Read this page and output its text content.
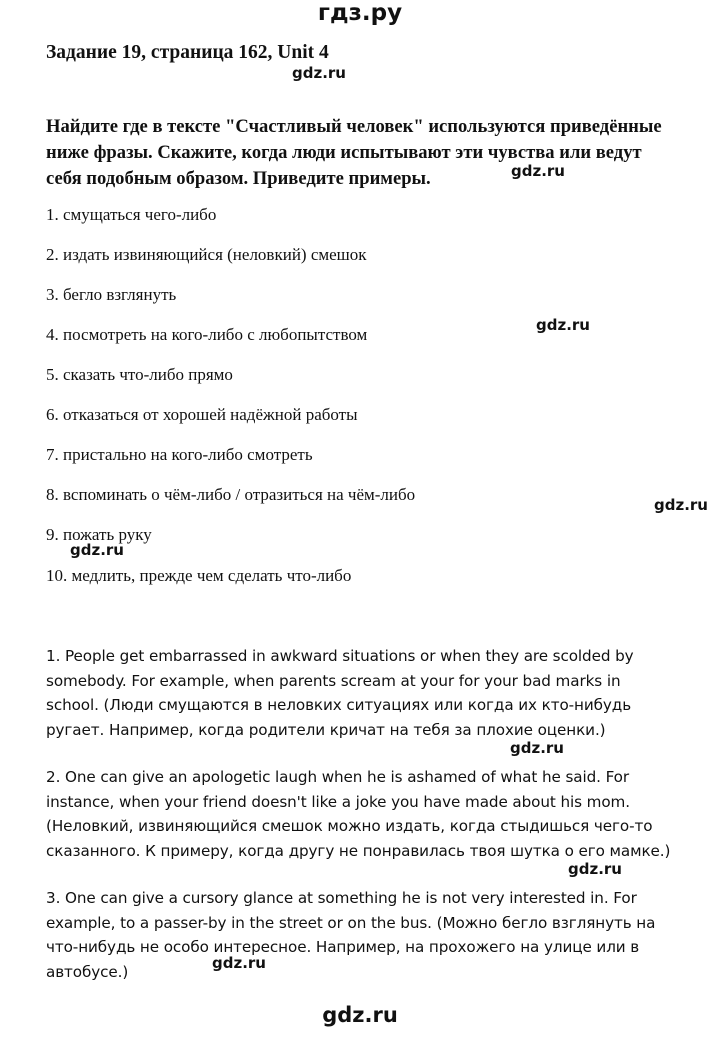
гдз.ру
Задание 19, страница 162, Unit 4
gdz.ru
Найдите где в тексте "Счастливый человек" используются приведённые
ниже фразы. Скажите, когда люди испытывают эти чувства или ведут
себя подобным образом. Приведите примеры.	gdz.ru
1. смущаться чего-либо
2. издать извиняющийся (неловкий) смешок
3. бегло взглянуть
4. посмотреть на кого-либо с любопытством
5. сказать что-либо прямо
6. отказаться от хорошей надёжной работы
7. пристально на кого-либо смотреть
8. вспоминать о чём-либо / отразиться на чём-либо
9. пожать руку
10. медлить, прежде чем сделать что-либо
gdz.ru
gdz.ru
gdz.ru
1. People get embarrassed in awkward situations or when they are scolded by
somebody. For example, when parents scream at your for your bad marks in
school. (Люди смущаются в неловких ситуациях или когда их кто-нибудь
ругает. Например, когда родители кричат на тебя за плохие оценки.)
gdz.ru
2. One can give an apologetic laugh when he is ashamed of what he said. For
instance, when your friend doesn't like a joke you have made about his mom.
(Неловкий, извиняющийся смешок можно издать, когда стыдишься чего-то
сказанного. К примеру, когда другу не понравилась твоя шутка о его мамке.)
gdz.ru
3. One can give a cursory glance at something he is not very interested in. For
example, to a passer-by in the street or on the bus. (Можно бегло взглянуть на
что-нибудь не особо интересное. Например, на прохожего на улице или в
автобусе.)	gdz.ru
gdz.ru
